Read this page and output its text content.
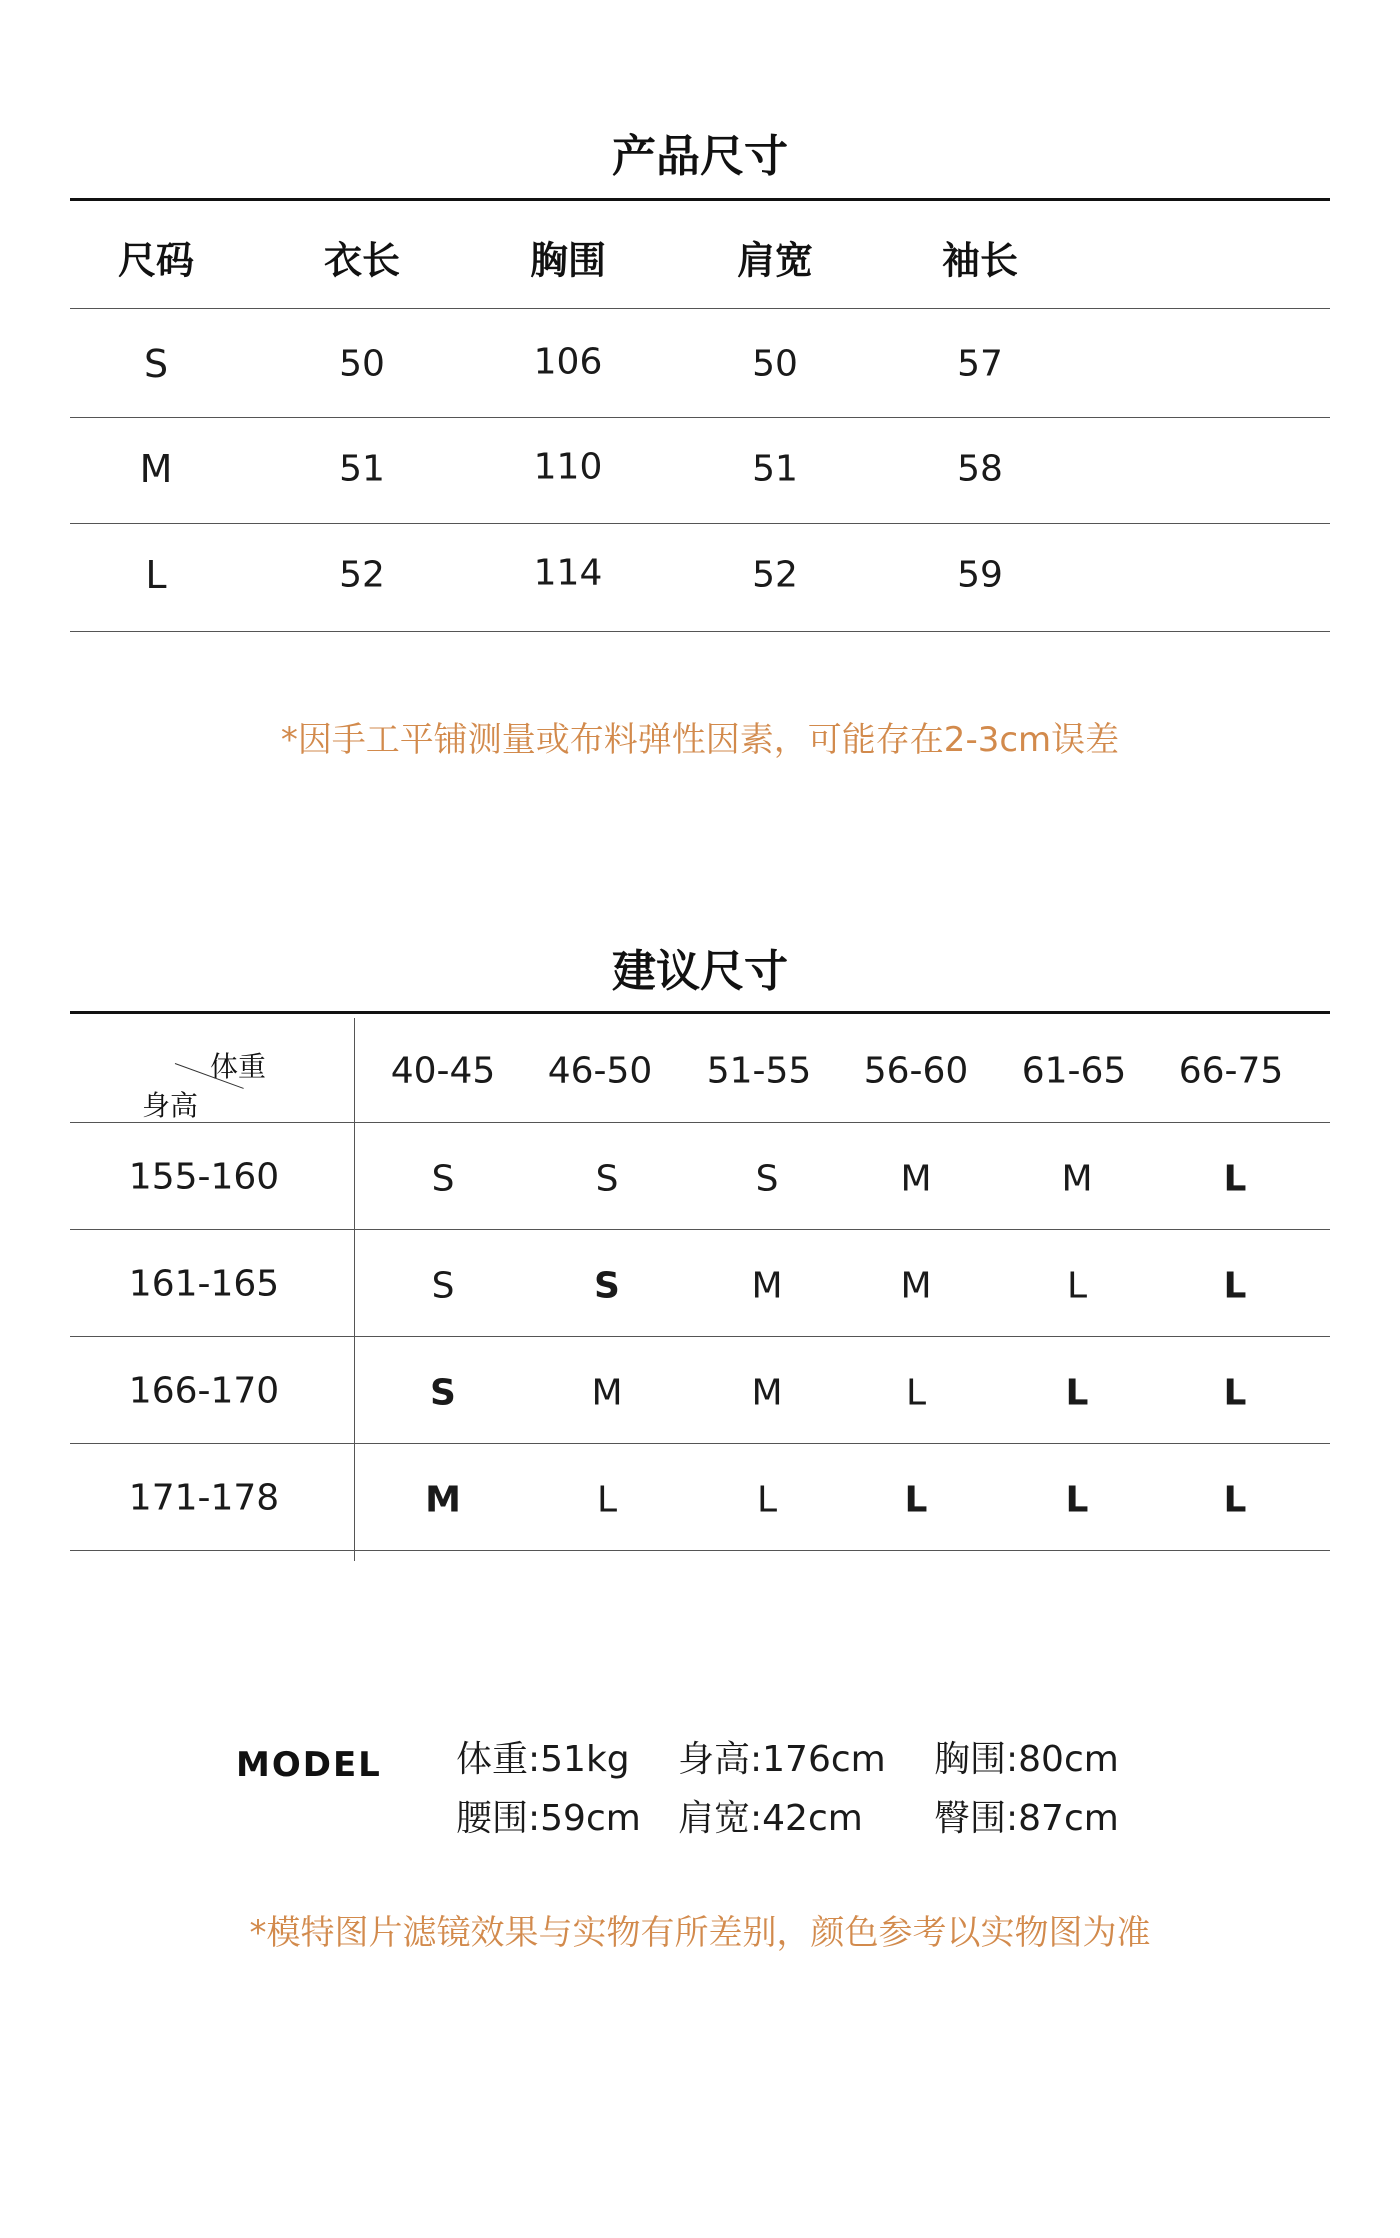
产品尺寸
尺码	衣长	胸围	肩宽	袖长
S	50	106	50	57
M	51	110	51	58
L	52	114	52	59
*因手工平铺测量或布料弹性因素，可能存在2-3cm误差
建议尺寸
体重
身高
40-45 46-50 51-55 56-60 61-65 66-75
155-160	S	S	S	M	M	L
161-165	S	S	M	M	L	L
166-170	S	M	M	L	L	L
171-178	M	L	L	L	L	L
MODEL 体重:51kg 身高:176cm 胸围:80cm
腰围:59cm 肩宽:42cm 臀围:87cm
*模特图片滤镜效果与实物有所差别，颜色参考以实物图为准
